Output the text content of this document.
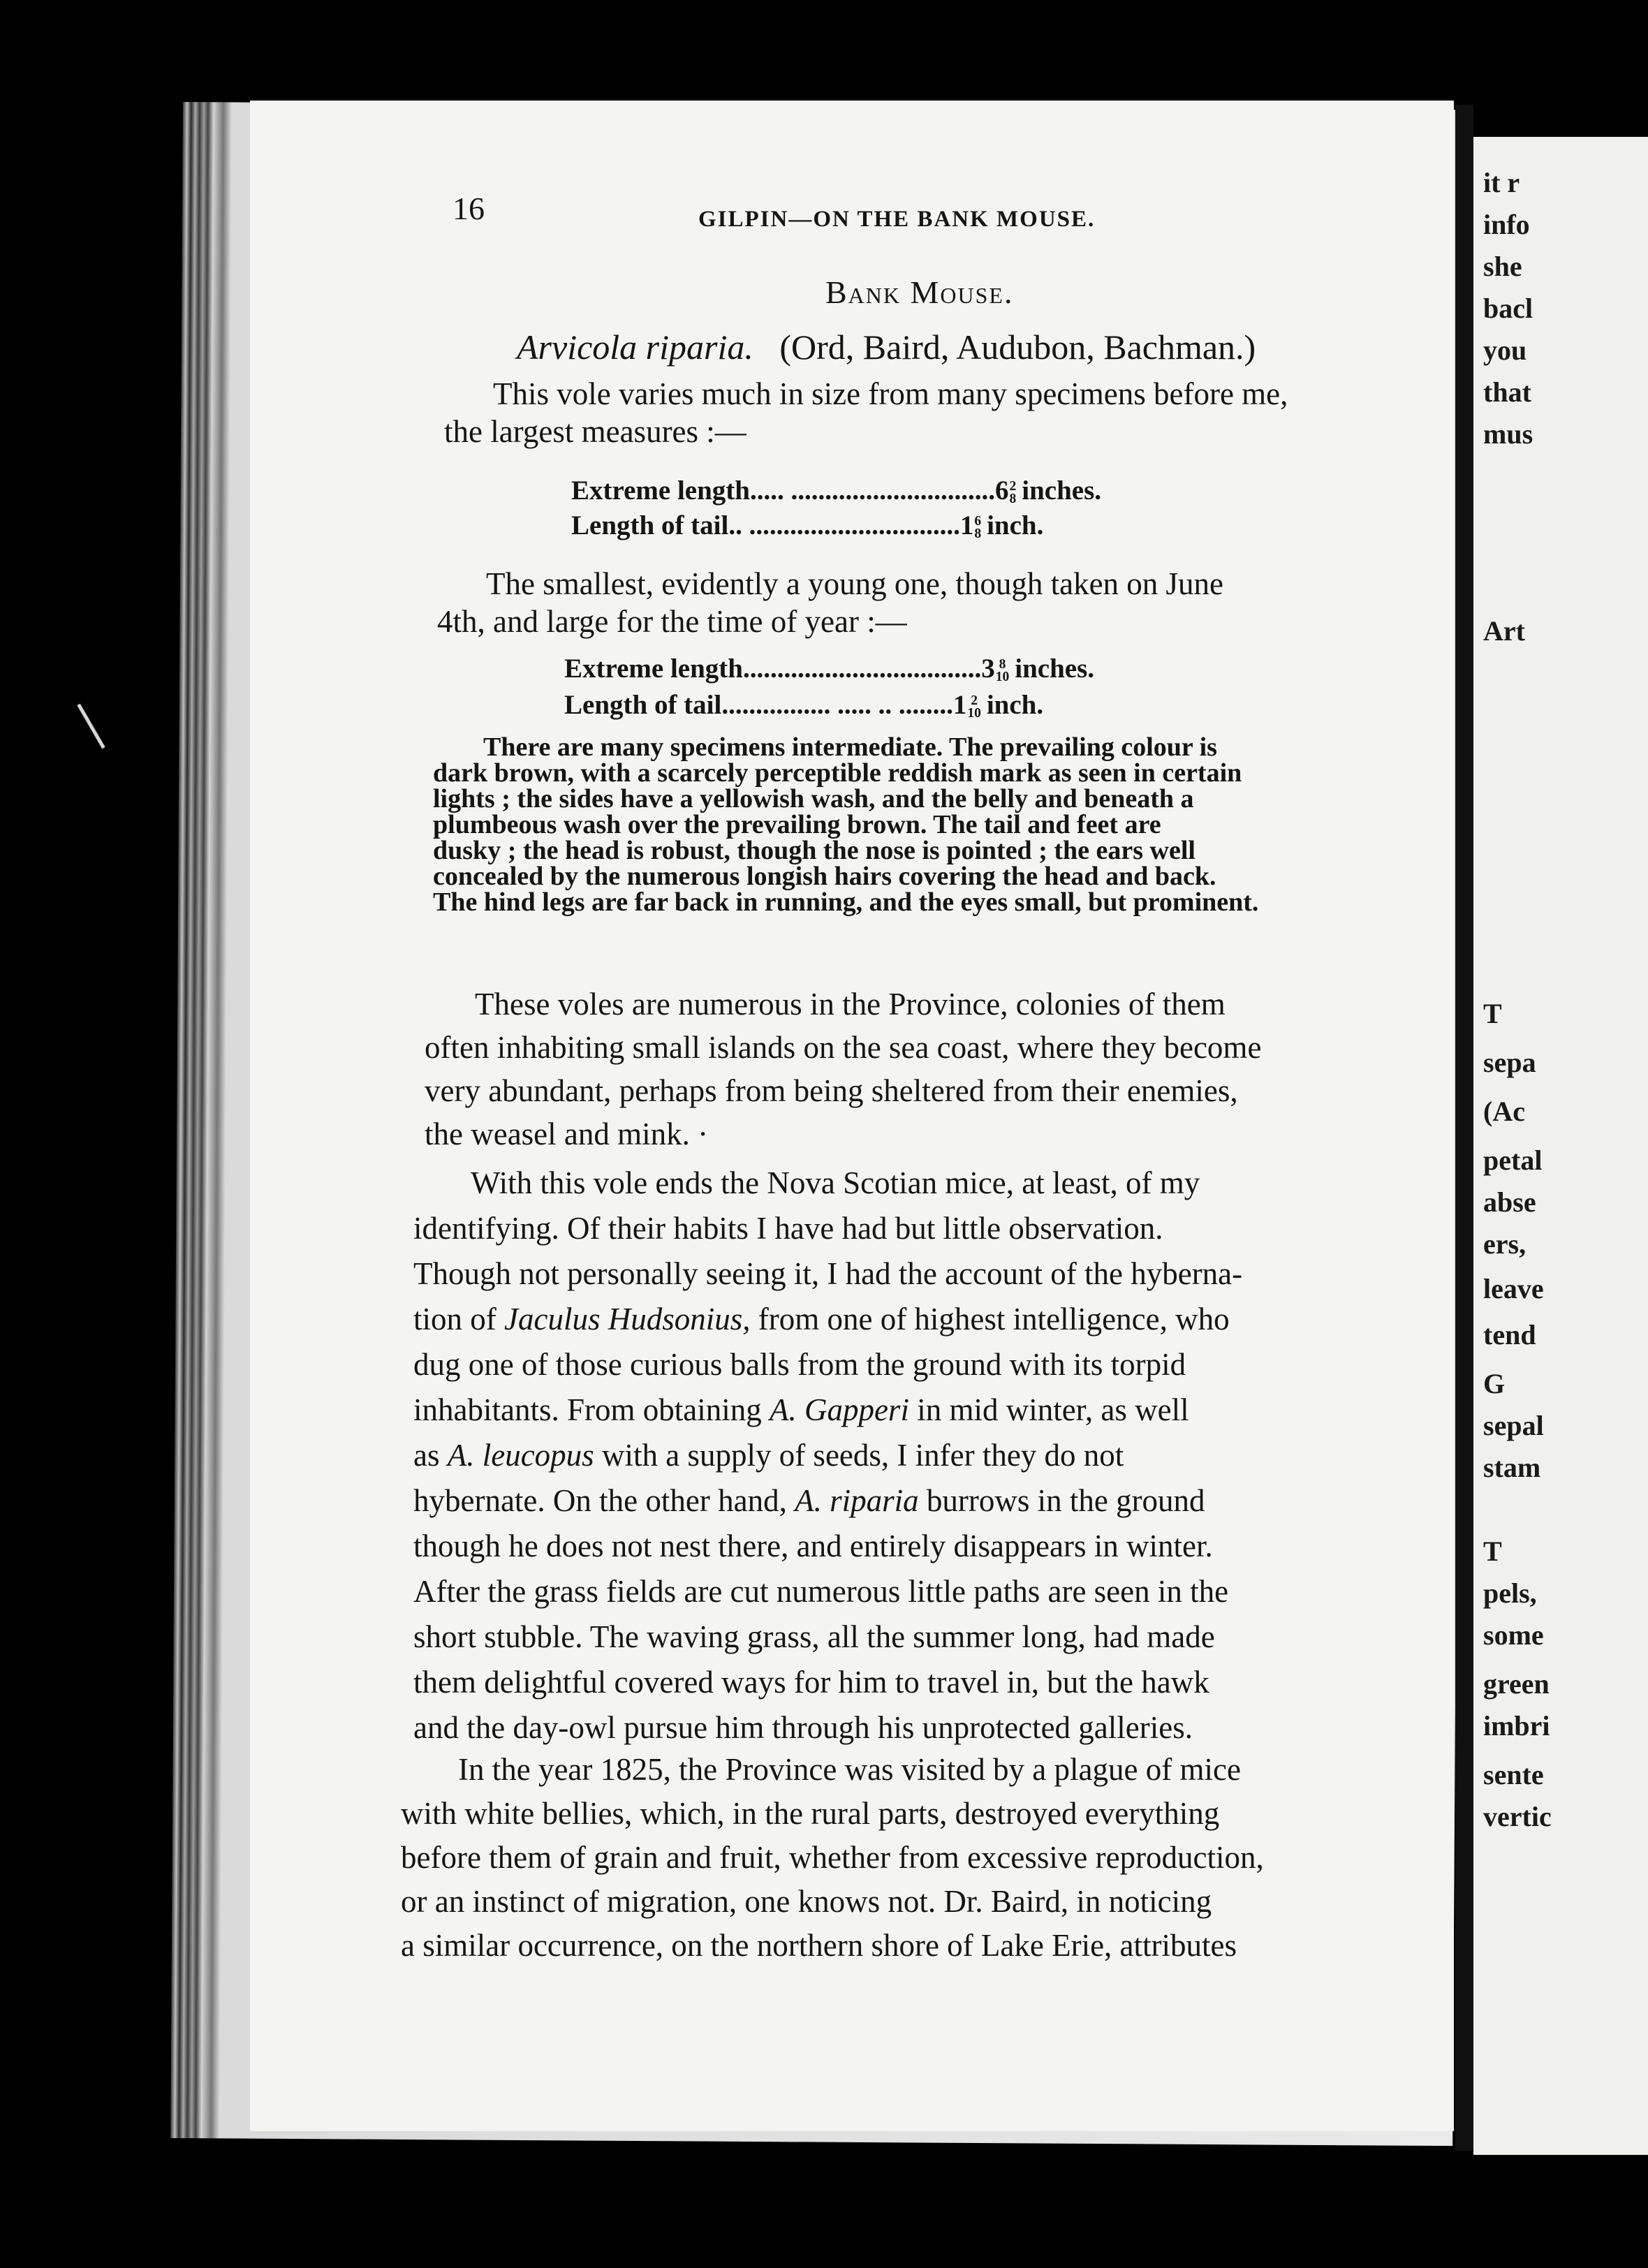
it r
info
she
bacl
you
that
mus
Art
T
sepa
(Ac
petal
abse
ers,
leave
tend
G
sepal
stam
T
pels,
some
green
imbri
sente
vertic
16	GILPIN—ON THE BANK MOUSE.
Bank Mouse.
Arvicola riparia. (Ord, Baird, Audubon, Bachman.)
This vole varies much in size from many specimens before me,
the largest measures :—
Extreme length..... ..............................6 2
8 inches.
Length of tail.. ...............................1 6
8 inch.
The smallest, evidently a young one, though taken on June
4th, and large for the time of year :—
Extreme length...................................3 8
10 inches.
Length of tail................ ..... .. ........1 2
10 inch.
There are many specimens intermediate. The prevailing colour is
dark brown, with a scarcely perceptible reddish mark as seen in certain
lights ; the sides have a yellowish wash, and the belly and beneath a
plumbeous wash over the prevailing brown. The tail and feet are
dusky ; the head is robust, though the nose is pointed ; the ears well
concealed by the numerous longish hairs covering the head and back.
The hind legs are far back in running, and the eyes small, but prominent.
These voles are numerous in the Province, colonies of them
often inhabiting small islands on the sea coast, where they become
very abundant, perhaps from being sheltered from their enemies,
the weasel and mink. ·
With this vole ends the Nova Scotian mice, at least, of my
identifying. Of their habits I have had but little observation.
Though not personally seeing it, I had the account of the hyberna-
tion of Jaculus Hudsonius, from one of highest intelligence, who
dug one of those curious balls from the ground with its torpid
inhabitants. From obtaining A. Gapperi in mid winter, as well
as A. leucopus with a supply of seeds, I infer they do not
hybernate. On the other hand, A. riparia burrows in the ground
though he does not nest there, and entirely disappears in winter.
After the grass fields are cut numerous little paths are seen in the
short stubble. The waving grass, all the summer long, had made
them delightful covered ways for him to travel in, but the hawk
and the day-owl pursue him through his unprotected galleries.
In the year 1825, the Province was visited by a plague of mice
with white bellies, which, in the rural parts, destroyed everything
before them of grain and fruit, whether from excessive reproduction,
or an instinct of migration, one knows not. Dr. Baird, in noticing
a similar occurrence, on the northern shore of Lake Erie, attributes
